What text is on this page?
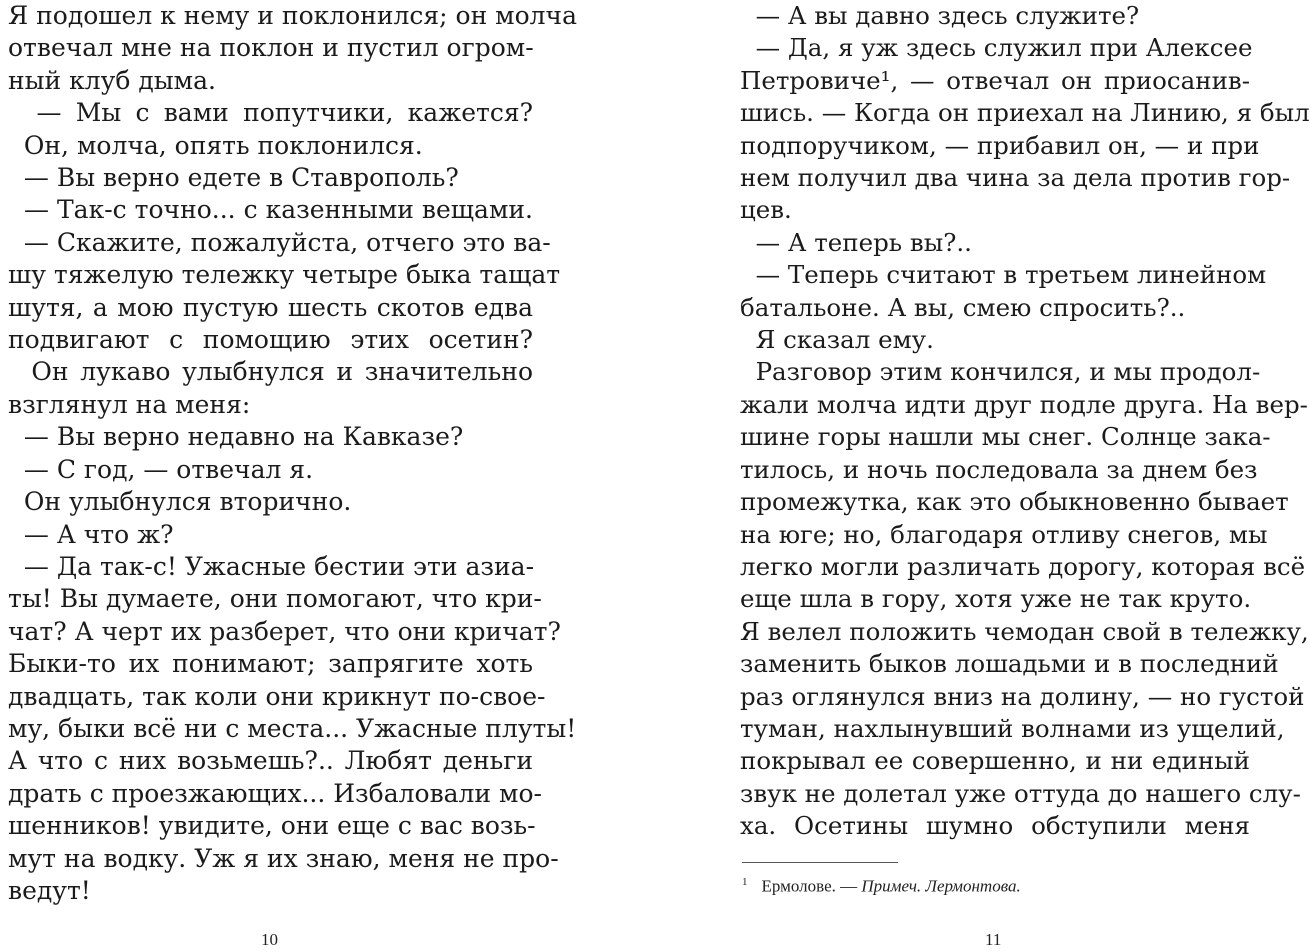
Я подошел к нему и поклонился; он молча
отвечал мне на поклон и пустил огром-
ный клуб дыма.
— Мы с вами попутчики, кажется?
Он, молча, опять поклонился.
— Вы верно едете в Ставрополь?
— Так-с точно... с казенными вещами.
— Скажите, пожалуйста, отчего это ва-
шу тяжелую тележку четыре быка тащат
шутя, а мою пустую шесть скотов едва
подвигают с помощию этих осетин?
Он лукаво улыбнулся и значительно
взглянул на меня:
— Вы верно недавно на Кавказе?
— С год, — отвечал я.
Он улыбнулся вторично.
— А что ж?
— Да так-с! Ужасные бестии эти азиа-
ты! Вы думаете, они помогают, что кри-
чат? А черт их разберет, что они кричат?
Быки-то их понимают; запрягите хоть
двадцать, так коли они крикнут по-свое-
му, быки всё ни с места... Ужасные плуты!
А что с них возьмешь?.. Любят деньги
драть с проезжающих... Избаловали мо-
шенников! увидите, они еще с вас возь-
мут на водку. Уж я их знаю, меня не про-
ведут!
— А вы давно здесь служите?
— Да, я уж здесь служил при Алексее
Петровиче¹, — отвечал он приосанив-
шись. — Когда он приехал на Линию, я был
подпоручиком, — прибавил он, — и при
нем получил два чина за дела против гор-
цев.
— А теперь вы?..
— Теперь считают в третьем линейном
батальоне. А вы, смею спросить?..
Я сказал ему.
Разговор этим кончился, и мы продол-
жали молча идти друг подле друга. На вер-
шине горы нашли мы снег. Солнце зака-
тилось, и ночь последовала за днем без
промежутка, как это обыкновенно бывает
на юге; но, благодаря отливу снегов, мы
легко могли различать дорогу, которая всё
еще шла в гору, хотя уже не так круто.
Я велел положить чемодан свой в тележку,
заменить быков лошадьми и в последний
раз оглянулся вниз на долину, — но густой
туман, нахлынувший волнами из ущелий,
покрывал ее совершенно, и ни единый
звук не долетал уже оттуда до нашего слу-
ха. Осетины шумно обступили меня
$^1$ Ермолове. — Примеч. Лермонтова.
10	11
